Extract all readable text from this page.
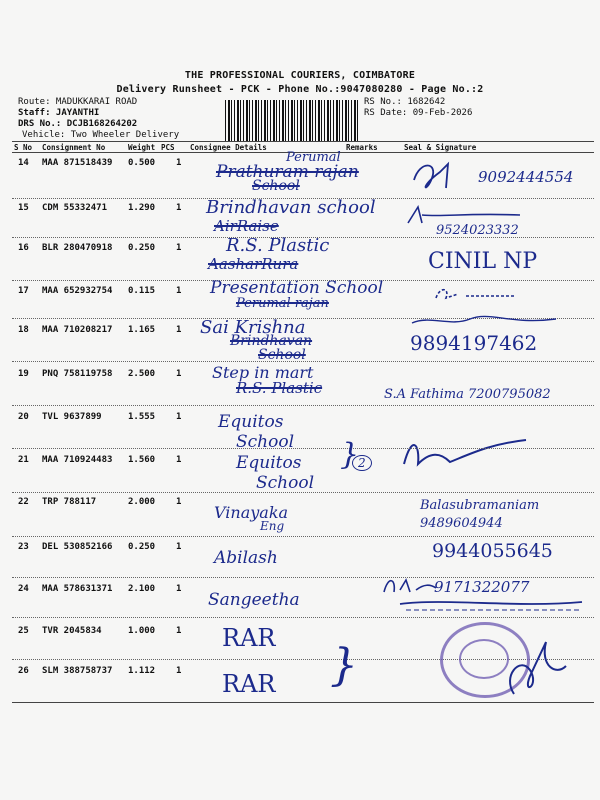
THE PROFESSIONAL COURIERS, COIMBATORE
Delivery Runsheet - PCK - Phone No.:9047080280 - Page No.:2
Route: MADUKKARAI ROAD
Staff: JAYANTHI
DRS No.: DCJB168264202
Vehicle: Two Wheeler Delivery
RS No.: 1682642
RS Date: 09-Feb-2026
S No Consignment No	Weight PCS Consignee Details	Remarks	Seal & Signature
14 MAA 871518439 0.500 1 Prathuram rajan
Perumal
School	9092444554
15 CDM 55332471 1.290 1 Brindhavan school
AirRaise	9524023332
16 BLR 280470918 0.250 1 R.S. Plastic
AasharRura	CINIL NP
17 MAA 652932754 0.115 1 Presentation School
Perumal rajan
18 MAA 710208217 1.165 1 Sai Krishna
Brindhavan
School	9894197462
19 PNQ 758119758 2.500 1 Step in mart
R.S. Plastic	S.A Fathima 7200795082
20 TVL 9637899	1.555 1 Equitos
School
21 MAA 710924483 1.560 1	Equitos
School
}
2
22 TRP 788117	2.000 1
Vinayaka
Eng
Balasubramaniam 9489604944
23 DEL 530852166 0.250 1
Abilash	9944055645
24 MAA 578631371 2.100 1
Sangeetha
9171322077
25 TVR 2045834	1.000 1 RAR
26 SLM 388758737 1.112 1 RAR }
